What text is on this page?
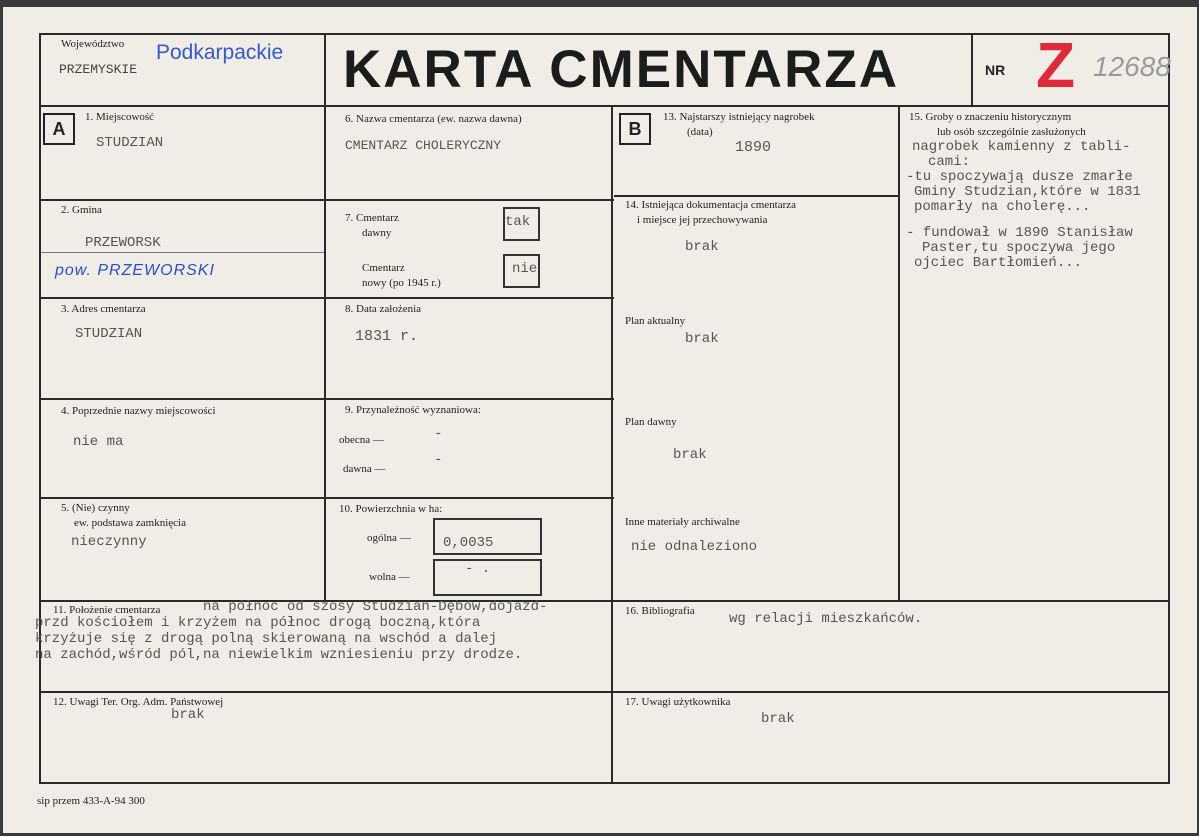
Województwo
PRZEMYSKIE
Podkarpackie KARTA CMENTARZA	NR Z 12688
A
1. Miejscowość
STUDZIAN
2. Gmina
PRZEWORSK
pow. PRZEWORSKI
3. Adres cmentarza
STUDZIAN
4. Poprzednie nazwy miejscowości
nie ma
5. (Nie) czynny
ew. podstawa zamknięcia
nieczynny
6. Nazwa cmentarza (ew. nazwa dawna)
CMENTARZ CHOLERYCZNY
7. Cmentarz
dawny
tak
Cmentarz
nowy (po 1945 r.)
nie
8. Data założenia
1831 r.
9. Przynależność wyznaniowa:
obecna —	-
dawna —
-
10. Powierzchnia w ha:
ogólna — 0,0035
wolna —	- .
B
13. Najstarszy istniejący nagrobek
(data)
1890
14. Istniejąca dokumentacja cmentarza
i miejsce jej przechowywania
brak
Plan aktualny
brak
Plan dawny
brak
Inne materiały archiwalne
nie odnaleziono
15. Groby o znaczeniu historycznym
lub osób szczególnie zasłużonych
nagrobek kamienny z tabli-
cami:
-tu spoczywają dusze zmarłe
Gminy Studzian,które w 1831
pomarły na cholerę...
- fundował w 1890 Stanisław
Paster,tu spoczywa jego
ojciec Bartłomień...
11. Położenie cmentarza	na północ od szosy Studzian-Dębów,dojazd-
przd kościołem i krzyżem na północ drogą boczną,która
krzyżuje się z drogą polną skierowaną na wschód a dalej
na zachód,wśród pól,na niewielkim wzniesieniu przy drodze.
12. Uwagi Ter. Org. Adm. Państwowej
brak
16. Bibliografia wg relacji mieszkańców.
17. Uwagi użytkownika
brak
sip przem 433-A-94 300
